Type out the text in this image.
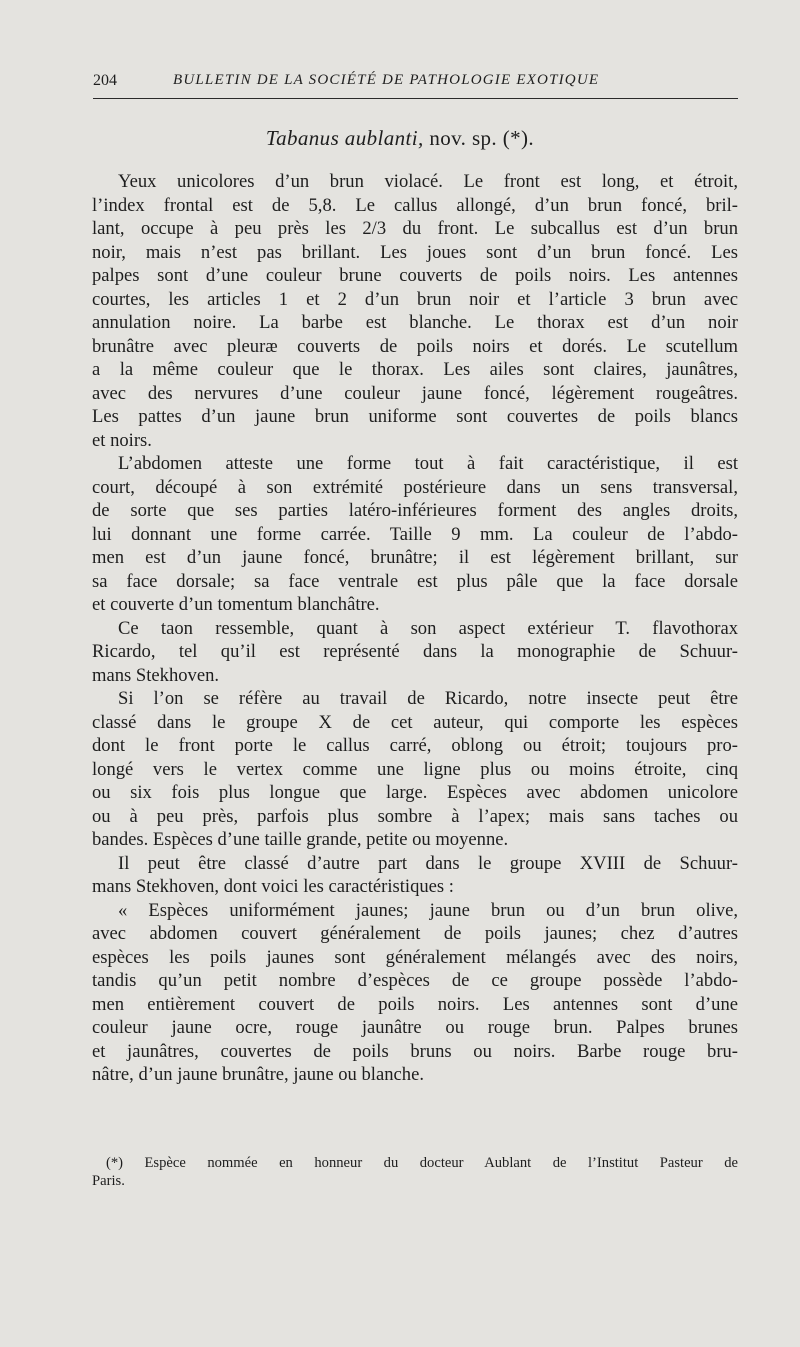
204	BULLETIN DE LA SOCIÉTÉ DE PATHOLOGIE EXOTIQUE
Tabanus aublanti, nov. sp. (*).
Yeux unicolores d’un brun violacé. Le front est long, et étroit,
l’index frontal est de 5,8. Le callus allongé, d’un brun foncé, bril-
lant, occupe à peu près les 2/3 du front. Le subcallus est d’un brun
noir, mais n’est pas brillant. Les joues sont d’un brun foncé. Les
palpes sont d’une couleur brune couverts de poils noirs. Les antennes
courtes, les articles 1 et 2 d’un brun noir et l’article 3 brun avec
annulation noire. La barbe est blanche. Le thorax est d’un noir
brunâtre avec pleuræ couverts de poils noirs et dorés. Le scutellum
a la même couleur que le thorax. Les ailes sont claires, jaunâtres,
avec des nervures d’une couleur jaune foncé, légèrement rougeâtres.
Les pattes d’un jaune brun uniforme sont couvertes de poils blancs
et noirs.
L’abdomen atteste une forme tout à fait caractéristique, il est
court, découpé à son extrémité postérieure dans un sens transversal,
de sorte que ses parties latéro-inférieures forment des angles droits,
lui donnant une forme carrée. Taille 9 mm. La couleur de l’abdo-
men est d’un jaune foncé, brunâtre; il est légèrement brillant, sur
sa face dorsale; sa face ventrale est plus pâle que la face dorsale
et couverte d’un tomentum blanchâtre.
Ce taon ressemble, quant à son aspect extérieur T. flavothorax
Ricardo, tel qu’il est représenté dans la monographie de Schuur-
mans Stekhoven.
Si l’on se réfère au travail de Ricardo, notre insecte peut être
classé dans le groupe X de cet auteur, qui comporte les espèces
dont le front porte le callus carré, oblong ou étroit; toujours pro-
longé vers le vertex comme une ligne plus ou moins étroite, cinq
ou six fois plus longue que large. Espèces avec abdomen unicolore
ou à peu près, parfois plus sombre à l’apex; mais sans taches ou
bandes. Espèces d’une taille grande, petite ou moyenne.
Il peut être classé d’autre part dans le groupe XVIII de Schuur-
mans Stekhoven, dont voici les caractéristiques :
« Espèces uniformément jaunes; jaune brun ou d’un brun olive,
avec abdomen couvert généralement de poils jaunes; chez d’autres
espèces les poils jaunes sont généralement mélangés avec des noirs,
tandis qu’un petit nombre d’espèces de ce groupe possède l’abdo-
men entièrement couvert de poils noirs. Les antennes sont d’une
couleur jaune ocre, rouge jaunâtre ou rouge brun. Palpes brunes
et jaunâtres, couvertes de poils bruns ou noirs. Barbe rouge bru-
nâtre, d’un jaune brunâtre, jaune ou blanche.
(*) Espèce nommée en honneur du docteur Aublant de l’Institut Pasteur de
Paris.
